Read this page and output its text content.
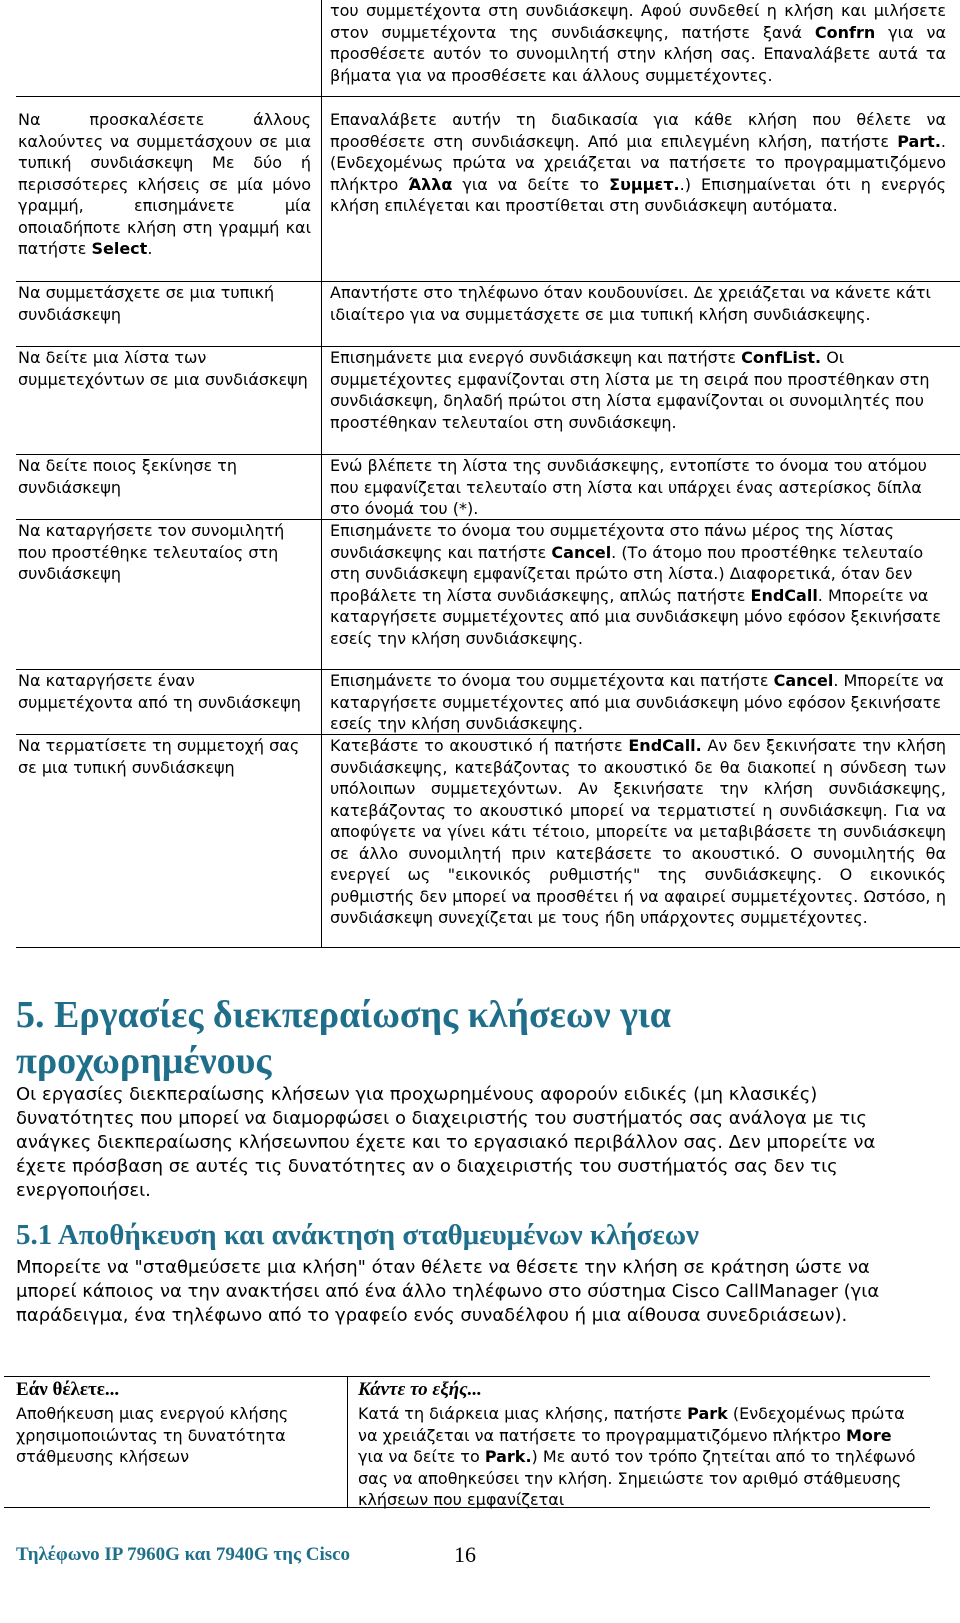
του συμμετέχοντα στη συνδιάσκεψη. Αφού συνδεθεί η κλήση και μιλήσετε στον συμμετέχοντα της συνδιάσκεψης, πατήστε ξανά Confrn για να προσθέσετε αυτόν το συνομιλητή στην κλήση σας. Επαναλάβετε αυτά τα βήματα για να προσθέσετε και άλλους συμμετέχοντες.
Να προσκαλέσετε άλλους καλούντες να συμμετάσχουν σε μια τυπική συνδιάσκεψη Με δύο ή περισσότερες κλήσεις σε μία μόνο γραμμή, επισημάνετε μία οποιαδήποτε κλήση στη γραμμή και πατήστε Select.
Επαναλάβετε αυτήν τη διαδικασία για κάθε κλήση που θέλετε να προσθέσετε στη συνδιάσκεψη. Από μια επιλεγμένη κλήση, πατήστε Part.. (Ενδεχομένως πρώτα να χρειάζεται να πατήσετε το προγραμματιζόμενο πλήκτρο Άλλα για να δείτε το Συμμετ..) Επισημαίνεται ότι η ενεργός κλήση επιλέγεται και προστίθεται στη συνδιάσκεψη αυτόματα.
Να συμμετάσχετε σε μια τυπική συνδιάσκεψη
Απαντήστε στο τηλέφωνο όταν κουδουνίσει. Δε χρειάζεται να κάνετε κάτι ιδιαίτερο για να συμμετάσχετε σε μια τυπική κλήση συνδιάσκεψης.
Να δείτε μια λίστα των συμμετεχόντων σε μια συνδιάσκεψη
Επισημάνετε μια ενεργό συνδιάσκεψη και πατήστε ConfList. Οι συμμετέχοντες εμφανίζονται στη λίστα με τη σειρά που προστέθηκαν στη συνδιάσκεψη, δηλαδή πρώτοι στη λίστα εμφανίζονται οι συνομιλητές που προστέθηκαν τελευταίοι στη συνδιάσκεψη.
Να δείτε ποιος ξεκίνησε τη συνδιάσκεψη
Ενώ βλέπετε τη λίστα της συνδιάσκεψης, εντοπίστε το όνομα του ατόμου που εμφανίζεται τελευταίο στη λίστα και υπάρχει ένας αστερίσκος δίπλα στο όνομά του (*).
Να καταργήσετε τον συνομιλητή που προστέθηκε τελευταίος στη συνδιάσκεψη
Επισημάνετε το όνομα του συμμετέχοντα στο πάνω μέρος της λίστας συνδιάσκεψης και πατήστε Cancel. (Το άτομο που προστέθηκε τελευταίο στη συνδιάσκεψη εμφανίζεται πρώτο στη λίστα.) Διαφορετικά, όταν δεν προβάλετε τη λίστα συνδιάσκεψης, απλώς πατήστε EndCall. Μπορείτε να καταργήσετε συμμετέχοντες από μια συνδιάσκεψη μόνο εφόσον ξεκινήσατε εσείς την κλήση συνδιάσκεψης.
Να καταργήσετε έναν συμμετέχοντα από τη συνδιάσκεψη
Επισημάνετε το όνομα του συμμετέχοντα και πατήστε Cancel. Μπορείτε να καταργήσετε συμμετέχοντες από μια συνδιάσκεψη μόνο εφόσον ξεκινήσατε εσείς την κλήση συνδιάσκεψης.
Να τερματίσετε τη συμμετοχή σας σε μια τυπική συνδιάσκεψη
Κατεβάστε το ακουστικό ή πατήστε EndCall. Αν δεν ξεκινήσατε την κλήση συνδιάσκεψης, κατεβάζοντας το ακουστικό δε θα διακοπεί η σύνδεση των υπόλοιπων συμμετεχόντων. Αν ξεκινήσατε την κλήση συνδιάσκεψης, κατεβάζοντας το ακουστικό μπορεί να τερματιστεί η συνδιάσκεψη. Για να αποφύγετε να γίνει κάτι τέτοιο, μπορείτε να μεταβιβάσετε τη συνδιάσκεψη σε άλλο συνομιλητή πριν κατεβάσετε το ακουστικό. Ο συνομιλητής θα ενεργεί ως "εικονικός ρυθμιστής" της συνδιάσκεψης. Ο εικονικός ρυθμιστής δεν μπορεί να προσθέτει ή να αφαιρεί συμμετέχοντες. Ωστόσο, η συνδιάσκεψη συνεχίζεται με τους ήδη υπάρχοντες συμμετέχοντες.
5. Εργασίες διεκπεραίωσης κλήσεων για προχωρημένους

Οι εργασίες διεκπεραίωσης κλήσεων για προχωρημένους αφορούν ειδικές (μη κλασικές) δυνατότητες που μπορεί να διαμορφώσει ο διαχειριστής του συστήματός σας ανάλογα με τις ανάγκες διεκπεραίωσης κλήσεωνπου έχετε και το εργασιακό περιβάλλον σας. Δεν μπορείτε να έχετε πρόσβαση σε αυτές τις δυνατότητες αν ο διαχειριστής του συστήματός σας δεν τις ενεργοποιήσει.

5.1 Αποθήκευση και ανάκτηση σταθμευμένων κλήσεων

Μπορείτε να "σταθμεύσετε μια κλήση" όταν θέλετε να θέσετε την κλήση σε κράτηση ώστε να μπορεί κάποιος να την ανακτήσει από ένα άλλο τηλέφωνο στο σύστημα Cisco CallManager (για παράδειγμα, ένα τηλέφωνο από το γραφείο ενός συναδέλφου ή μια αίθουσα συνεδριάσεων).

Εάν θέλετε...	Κάντε το εξής...
Αποθήκευση μιας ενεργού κλήσης χρησιμοποιώντας τη δυνατότητα στάθμευσης κλήσεων
Κατά τη διάρκεια μιας κλήσης, πατήστε Park (Ενδεχομένως πρώτα να χρειάζεται να πατήσετε το προγραμματιζόμενο πλήκτρο More για να δείτε το Park.) Με αυτό τον τρόπο ζητείται από το τηλέφωνό σας να αποθηκεύσει την κλήση. Σημειώστε τον αριθμό στάθμευσης κλήσεων που εμφανίζεται
Τηλέφωνο IP 7960G και 7940G της Cisco	16
